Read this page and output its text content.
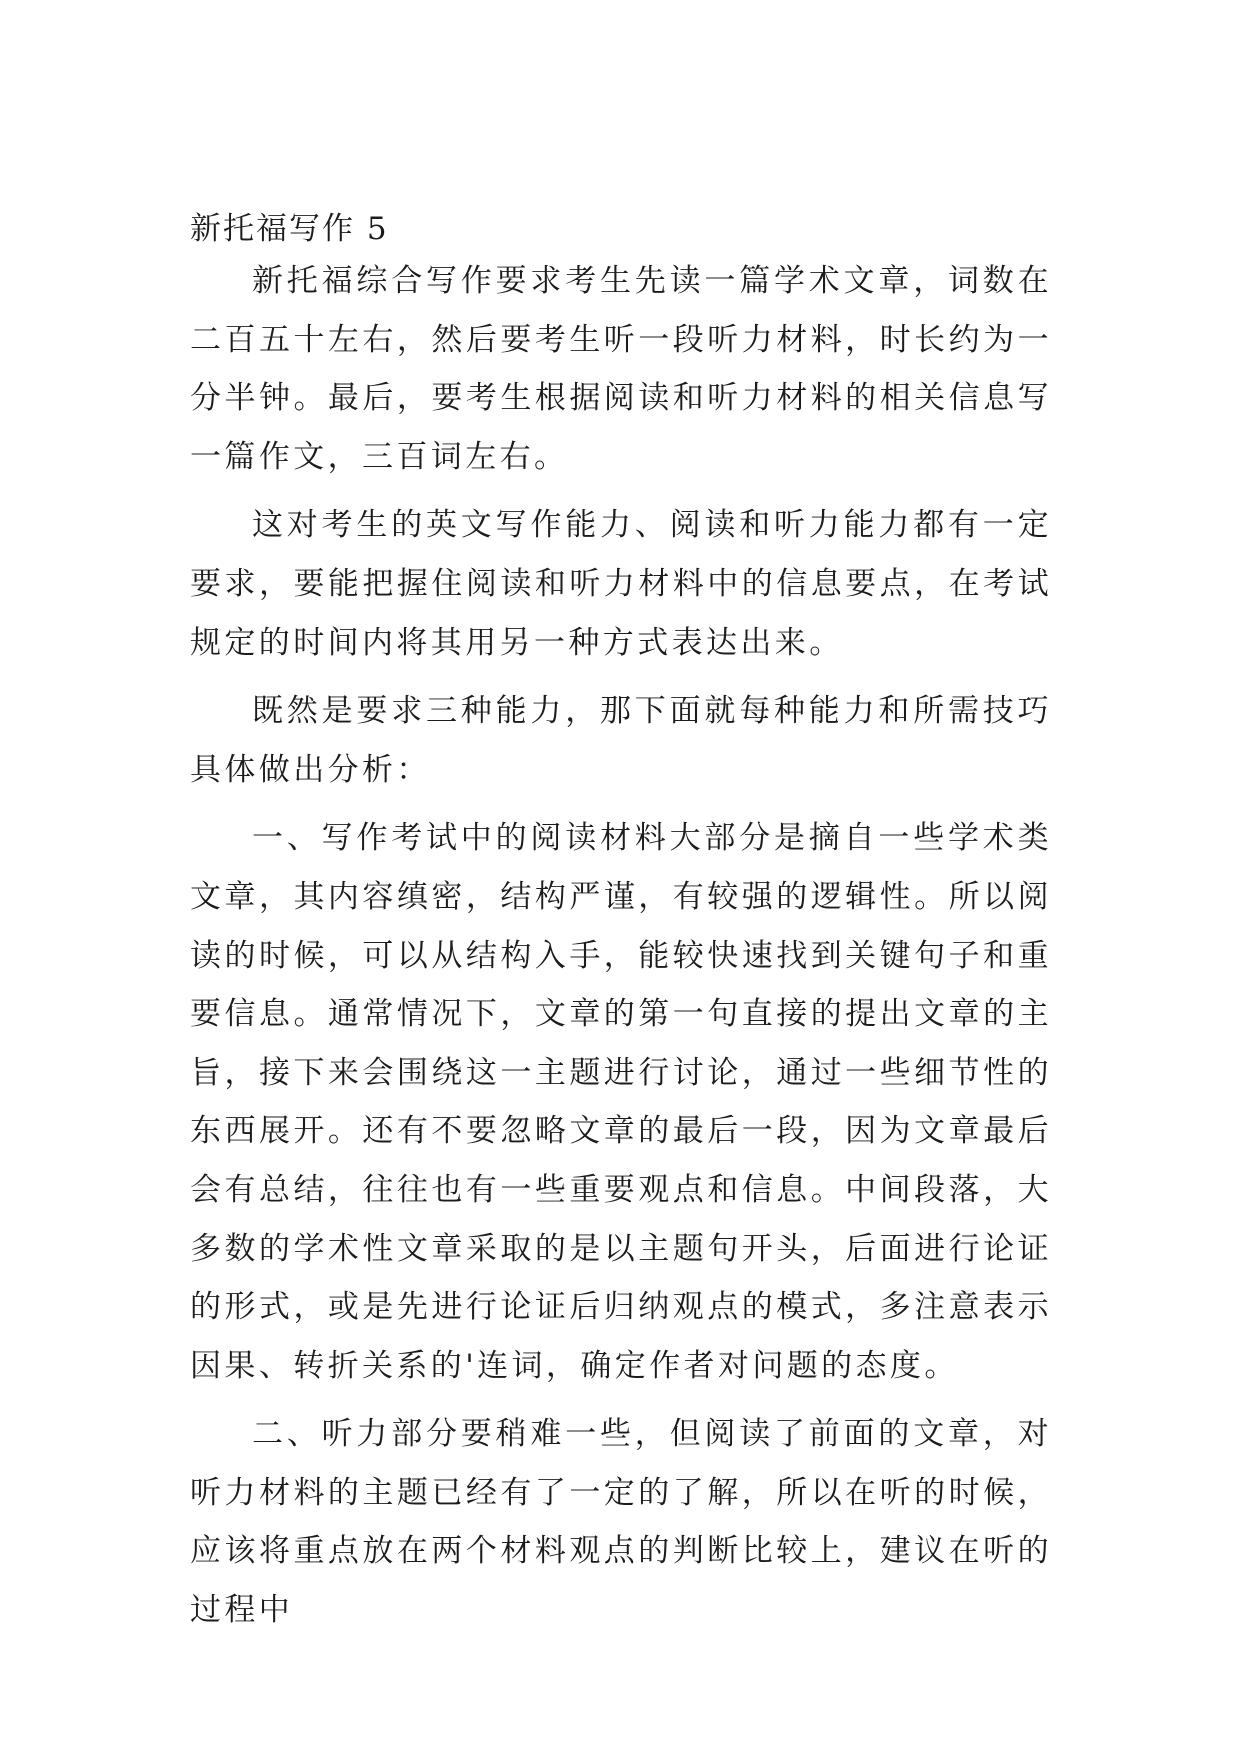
新托福写作 5

新托福综合写作要求考生先读一篇学术文章，词数在二百五十左右，然后要考生听一段听力材料，时长约为一分半钟。最后，要考生根据阅读和听力材料的相关信息写一篇作文，三百词左右。

这对考生的英文写作能力、阅读和听力能力都有一定要求，要能把握住阅读和听力材料中的信息要点，在考试规定的时间内将其用另一种方式表达出来。

既然是要求三种能力，那下面就每种能力和所需技巧具体做出分析：

一、写作考试中的阅读材料大部分是摘自一些学术类文章，其内容缜密，结构严谨，有较强的逻辑性。所以阅读的时候，可以从结构入手，能较快速找到关键句子和重要信息。通常情况下，文章的第一句直接的提出文章的主旨，接下来会围绕这一主题进行讨论，通过一些细节性的东西展开。还有不要忽略文章的最后一段，因为文章最后会有总结，往往也有一些重要观点和信息。中间段落，大多数的学术性文章采取的是以主题句开头，后面进行论证的形式，或是先进行论证后归纳观点的模式，多注意表示因果、转折关系的'连词，确定作者对问题的态度。

二、听力部分要稍难一些，但阅读了前面的文章，对听力材料的主题已经有了一定的了解，所以在听的时候，应该将重点放在两个材料观点的判断比较上，建议在听的过程中
